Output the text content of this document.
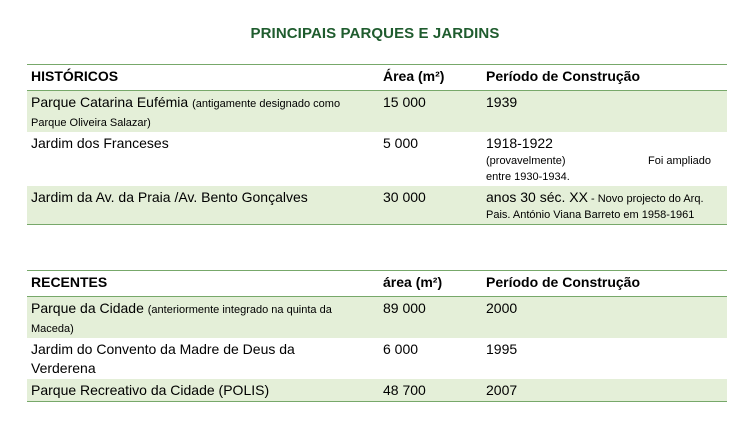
PRINCIPAIS PARQUES E JARDINS
HISTÓRICOS	Área (m²)	Período de Construção
Parque Catarina Eufémia (antigamente designado como
Parque Oliveira Salazar)	15 000	1939
Jardim dos Franceses	5 000	1918-1922
(provavelmente) Foi ampliado
entre 1930-1934.

Jardim da Av. da Praia /Av. Bento Gonçalves	30 000	anos 30 séc. XX - Novo projecto do Arq.
Pais. António Viana Barreto em 1958-1961
RECENTES	área (m²)	Período de Construção
Parque da Cidade (anteriormente integrado na quinta da
Maceda)	89 000	2000

Jardim do Convento da Madre de Deus da
Verderena	6 000	1995
Parque Recreativo da Cidade (POLIS)	48 700	2007
